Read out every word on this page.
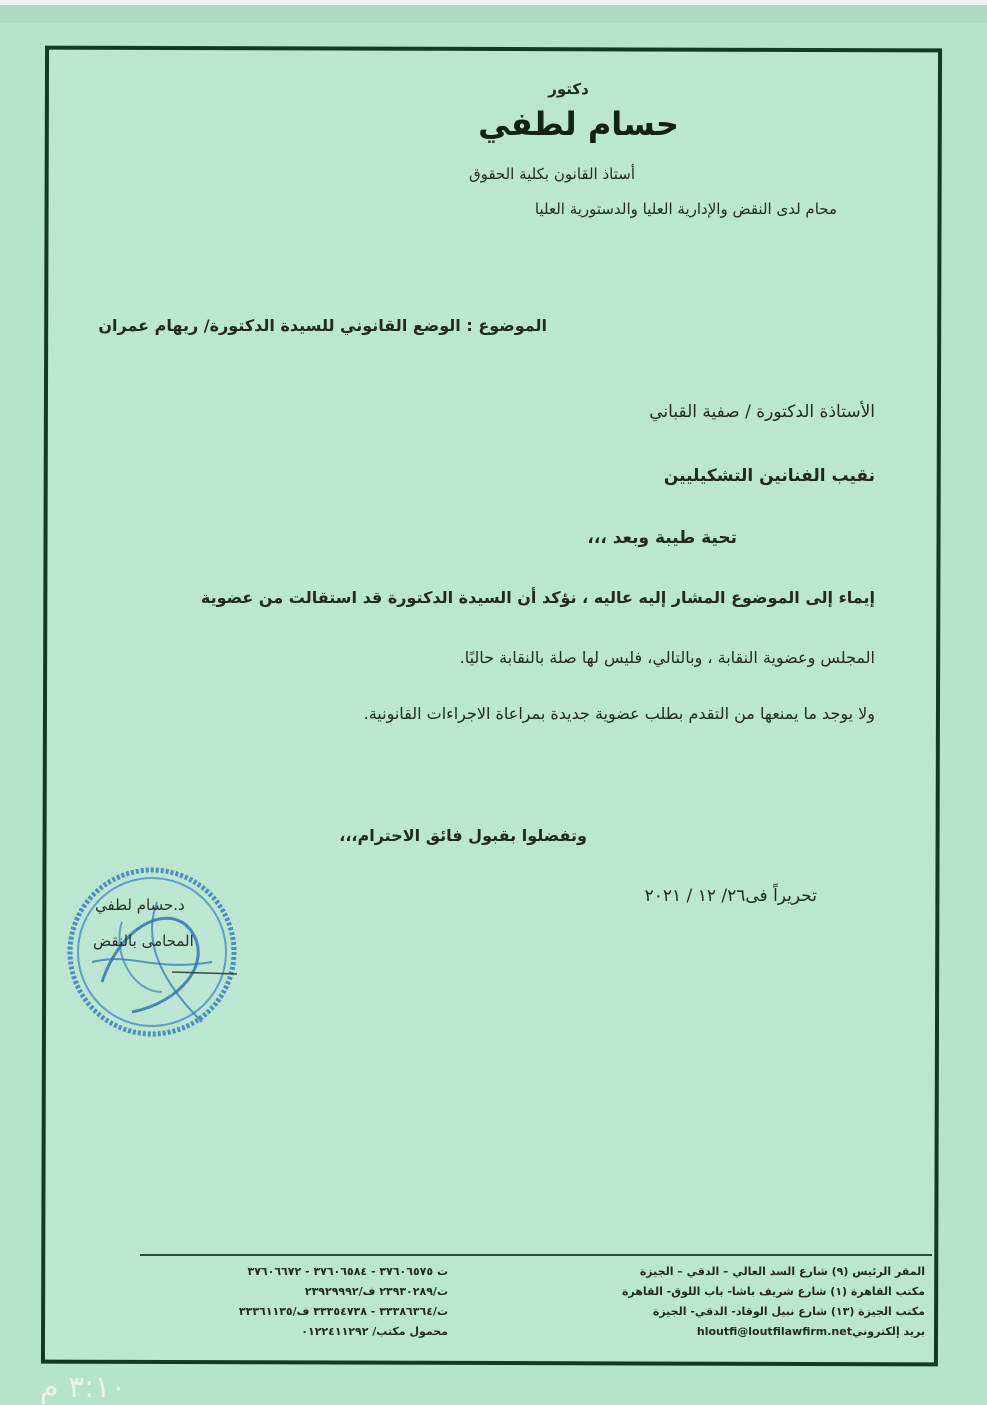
دكتور
حسام لطفي
أستاذ القانون بكلية الحقوق
محام لدى النقض والإدارية العليا والدستورية العليا
الموضوع : الوضع القانوني للسيدة الدكتورة/ ريهام عمران
الأستاذة الدكتورة / صفية القباني
نقيب الفنانين التشكيليين
تحية طيبة وبعد ،،،
إيماء إلى الموضوع المشار إليه عاليه ، نؤكد أن السيدة الدكتورة قد استقالت من عضوية
المجلس وعضوية النقابة ، وبالتالي، فليس لها صلة بالنقابة حاليًا.
ولا يوجد ما يمنعها من التقدم بطلب عضوية جديدة بمراعاة الاجراءات القانونية.
وتفضلوا بقبول فائق الاحترام،،،
تحريراً فى٢٦/ ١٢ / ٢٠٢١
د.حسام لطفي
المحامى بالنقض
المقر الرئيس (٩) شارع السد العالي – الدقي – الجيزة
مكتب القاهرة (١) شارع شريف باشا- باب اللوق- القاهرة
مكتب الجيزة (١٣) شارع نبيل الوقاد- الدقي- الجيزة
بريد إلكترونيhloutfi@loutfilawfirm.net
ت ٣٧٦٠٦٥٧٥ - ٣٧٦٠٦٥٨٤ - ٣٧٦٠٦٦٧٢
ت/٢٣٩٣٠٢٨٩ ف/٢٣٩٢٩٩٩٢
ت/٣٣٣٨٦٣٦٤ - ٣٣٣٥٤٧٣٨ ف/٣٣٣٦١١٣٥
محمول مكتب/ ٠١٢٢٤١١٢٩٢
٣:١٠ م
